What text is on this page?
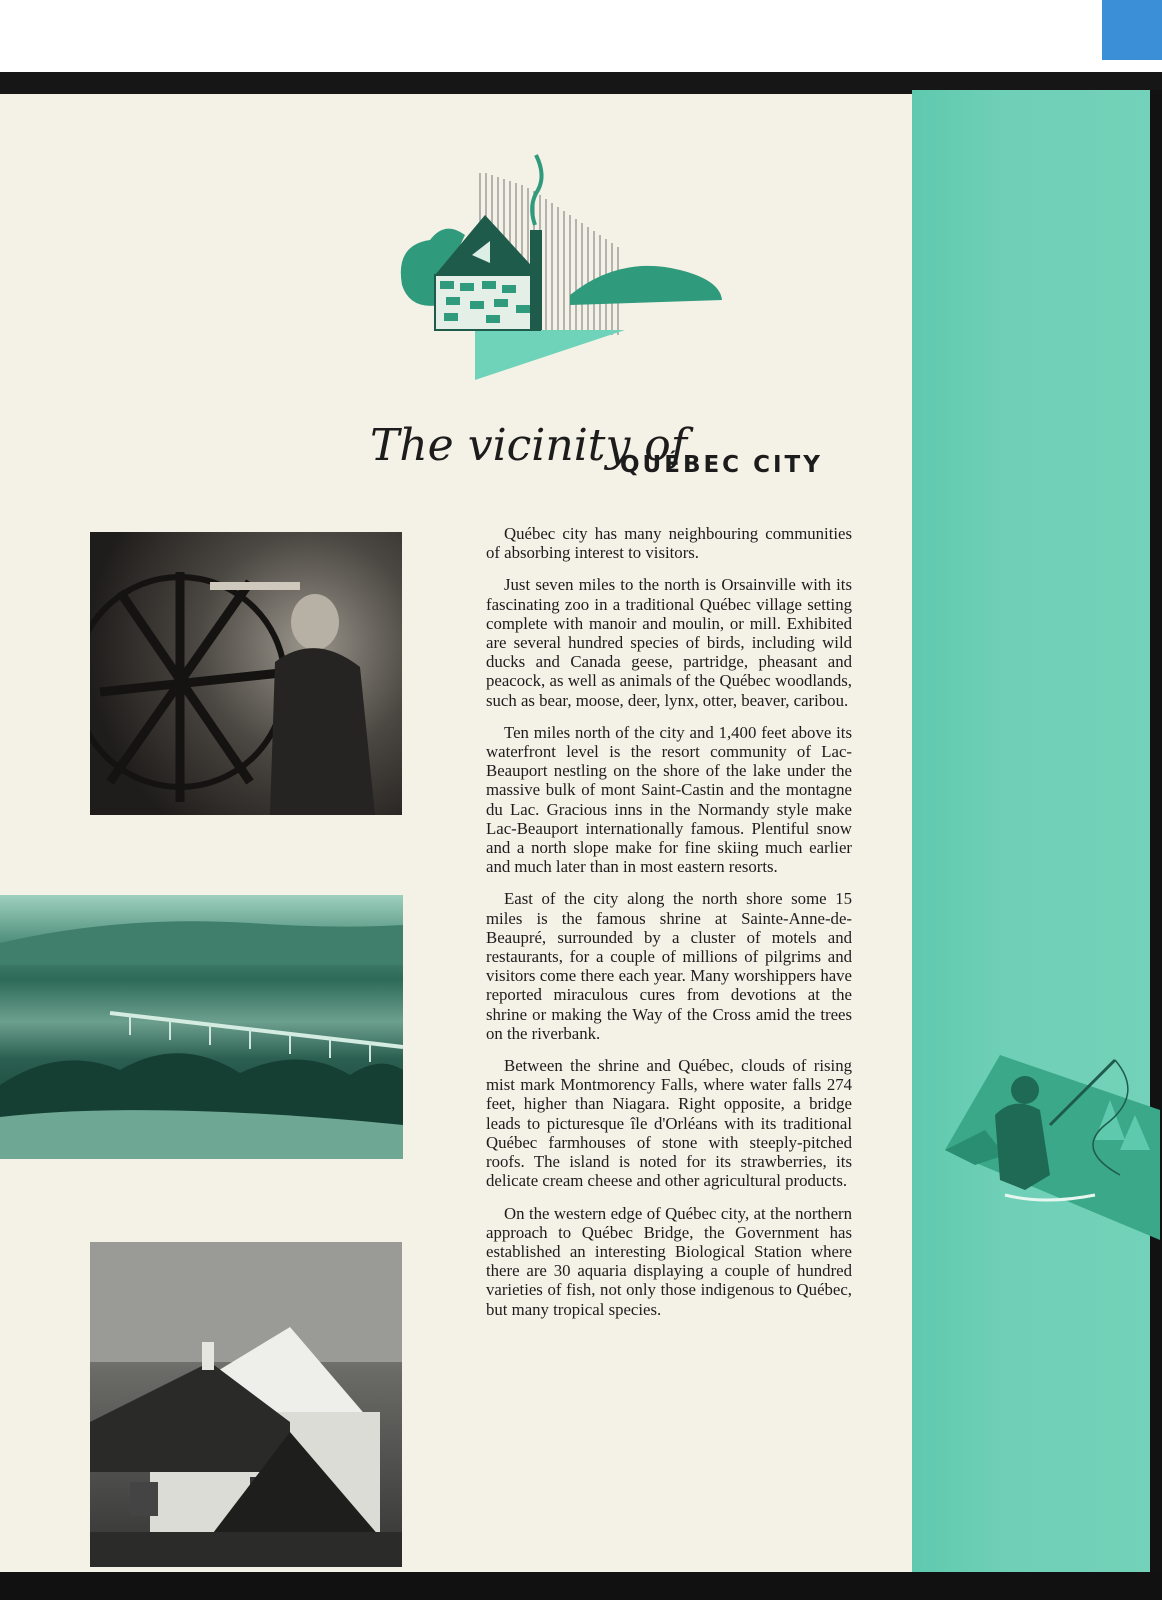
The vicinity of
QUÉBEC CITY

Québec city has many neighbouring communities of absorbing interest to visitors.

Just seven miles to the north is Orsainville with its fascinating zoo in a traditional Québec village setting complete with manoir and moulin, or mill. Exhibited are several hundred species of birds, including wild ducks and Canada geese, partridge, pheasant and peacock, as well as animals of the Québec woodlands, such as bear, moose, deer, lynx, otter, beaver, caribou.

Ten miles north of the city and 1,400 feet above its waterfront level is the resort community of Lac-Beauport nestling on the shore of the lake under the massive bulk of mont Saint-Castin and the montagne du Lac. Gracious inns in the Normandy style make Lac-Beauport internationally famous. Plentiful snow and a north slope make for fine skiing much earlier and much later than in most eastern resorts.

East of the city along the north shore some 15 miles is the famous shrine at Sainte-Anne-de-Beaupré, surrounded by a cluster of motels and restaurants, for a couple of millions of pilgrims and visitors come there each year. Many worshippers have reported miraculous cures from devotions at the shrine or making the Way of the Cross amid the trees on the riverbank.

Between the shrine and Québec, clouds of rising mist mark Montmorency Falls, where water falls 274 feet, higher than Niagara. Right opposite, a bridge leads to picturesque île d'Orléans with its traditional Québec farmhouses of stone with steeply-pitched roofs. The island is noted for its strawberries, its delicate cream cheese and other agricultural products.

On the western edge of Québec city, at the northern approach to Québec Bridge, the Government has established an interesting Biological Station where there are 30 aquaria displaying a couple of hundred varieties of fish, not only those indigenous to Québec, but many tropical species.
